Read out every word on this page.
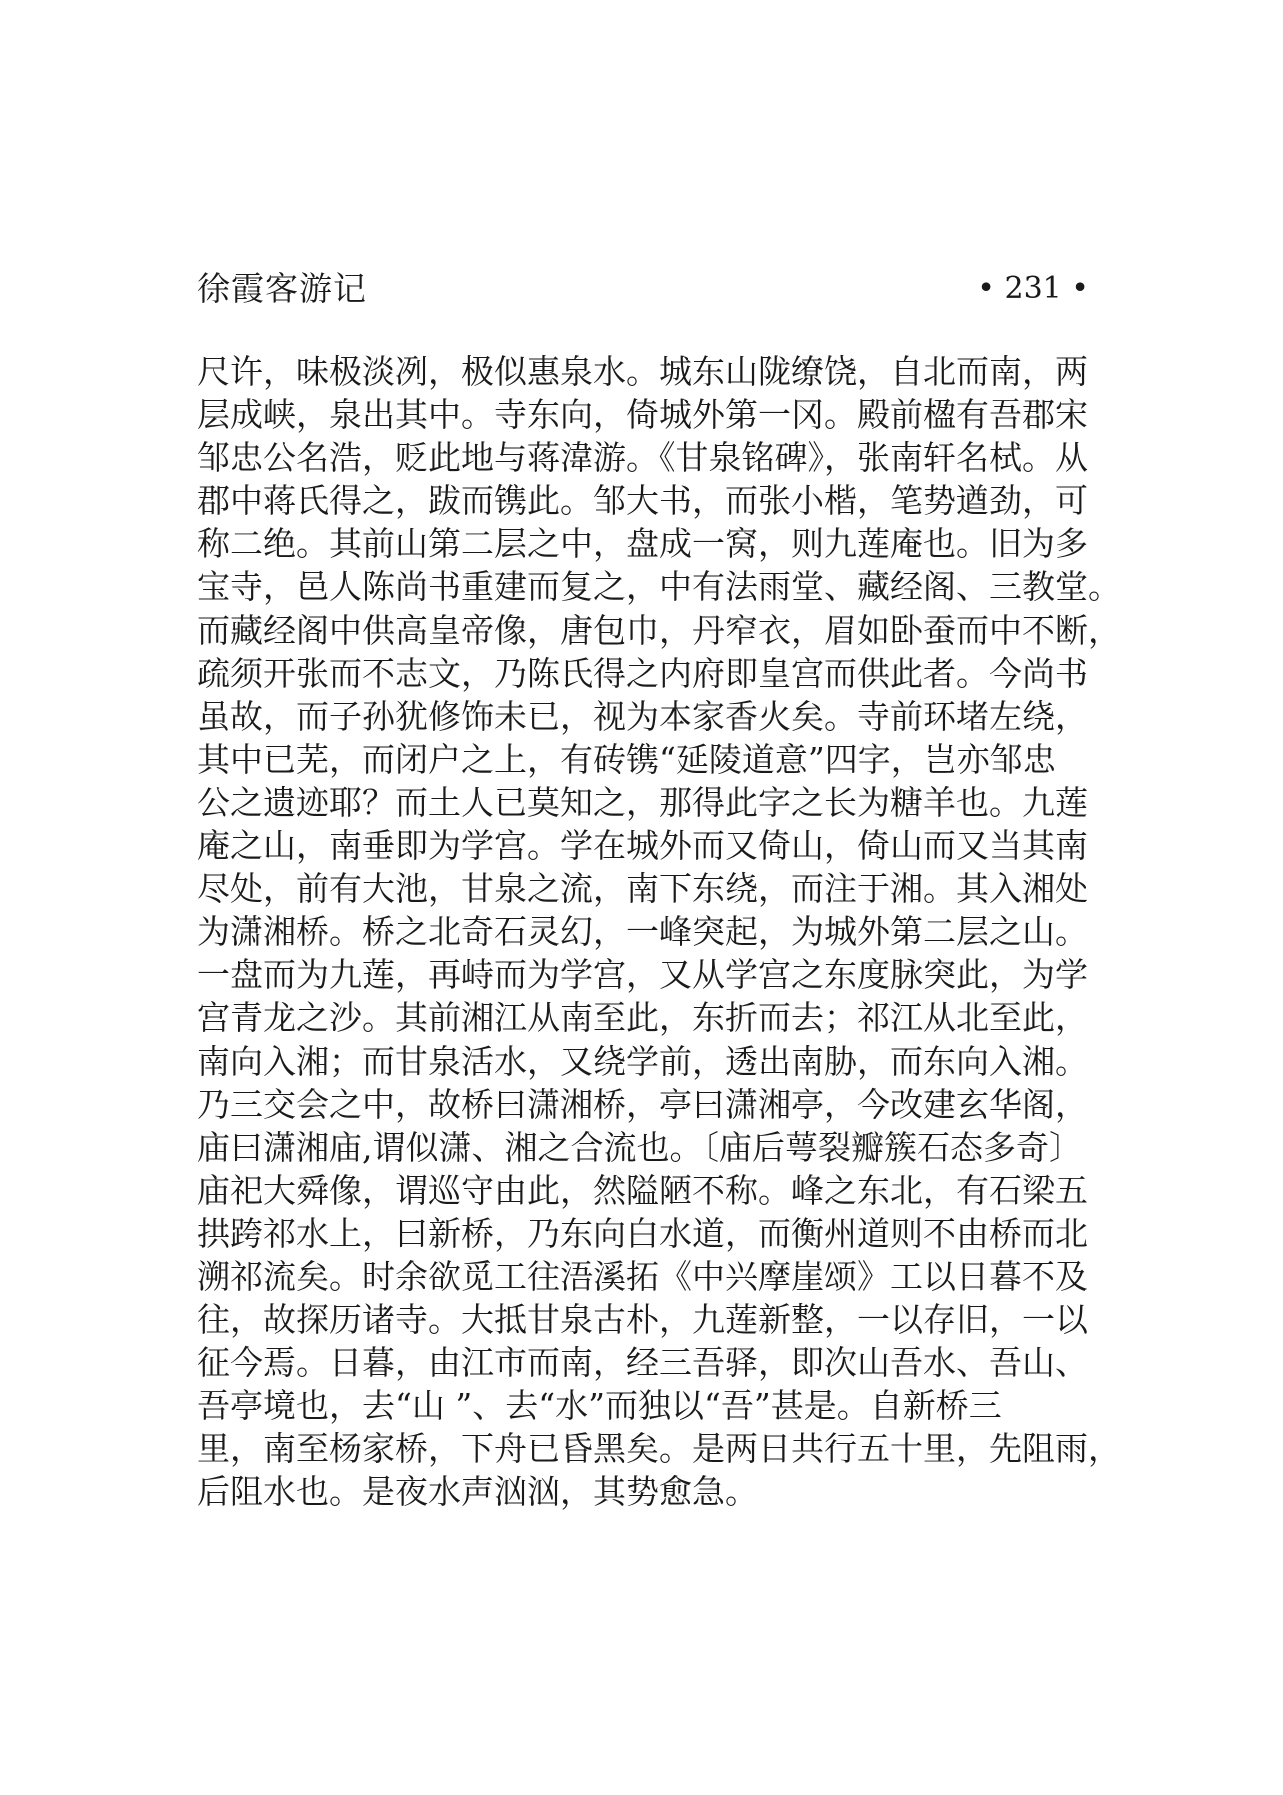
徐霞客游记	• 231 •
尺许，味极淡冽，极似惠泉水。城东山陇缭饶，自北而南，两
层成峡，泉出其中。寺东向，倚城外第一冈。殿前楹有吾郡宋
邹忠公名浩，贬此地与蒋湋游。《甘泉铭碑》，张南轩名栻。从
郡中蒋氏得之，跋而镌此。邹大书，而张小楷，笔势遒劲，可
称二绝。其前山第二层之中，盘成一窝，则九莲庵也。旧为多
宝寺，邑人陈尚书重建而复之，中有法雨堂、藏经阁、三教堂。
而藏经阁中供高皇帝像，唐包巾，丹窄衣，眉如卧蚕而中不断，
疏须开张而不志文，乃陈氏得之内府即皇宫而供此者。今尚书
虽故，而子孙犹修饰未已，视为本家香火矣。寺前环堵左绕，
其中已芜，而闭户之上，有砖镌“延陵道意”四字，岂亦邹忠
公之遗迹耶？而土人已莫知之，那得此字之长为糖羊也。九莲
庵之山，南垂即为学宫。学在城外而又倚山，倚山而又当其南
尽处，前有大池，甘泉之流，南下东绕，而注于湘。其入湘处
为潇湘桥。桥之北奇石灵幻，一峰突起，为城外第二层之山。
一盘而为九莲，再峙而为学宫，又从学宫之东度脉突此，为学
宫青龙之沙。其前湘江从南至此，东折而去；祁江从北至此，
南向入湘；而甘泉活水，又绕学前，透出南胁，而东向入湘。
乃三交会之中，故桥曰潇湘桥，亭曰潇湘亭，今改建玄华阁，
庙曰潇湘庙,谓似潇、湘之合流也。〔庙后萼裂瓣簇石态多奇〕
庙祀大舜像，谓巡守由此，然隘陋不称。峰之东北，有石梁五
拱跨祁水上，曰新桥，乃东向白水道，而衡州道则不由桥而北
溯祁流矣。时余欲觅工往浯溪拓《中兴摩崖颂》工以日暮不及
往，故探历诸寺。大抵甘泉古朴，九莲新整，一以存旧，一以
征今焉。日暮，由江市而南，经三吾驿，即次山吾水、吾山、
吾亭境也，去“山 ”、去“水”而独以“吾”甚是。自新桥三
里，南至杨家桥，下舟已昏黑矣。是两日共行五十里，先阻雨，
后阻水也。是夜水声汹汹，其势愈急。
